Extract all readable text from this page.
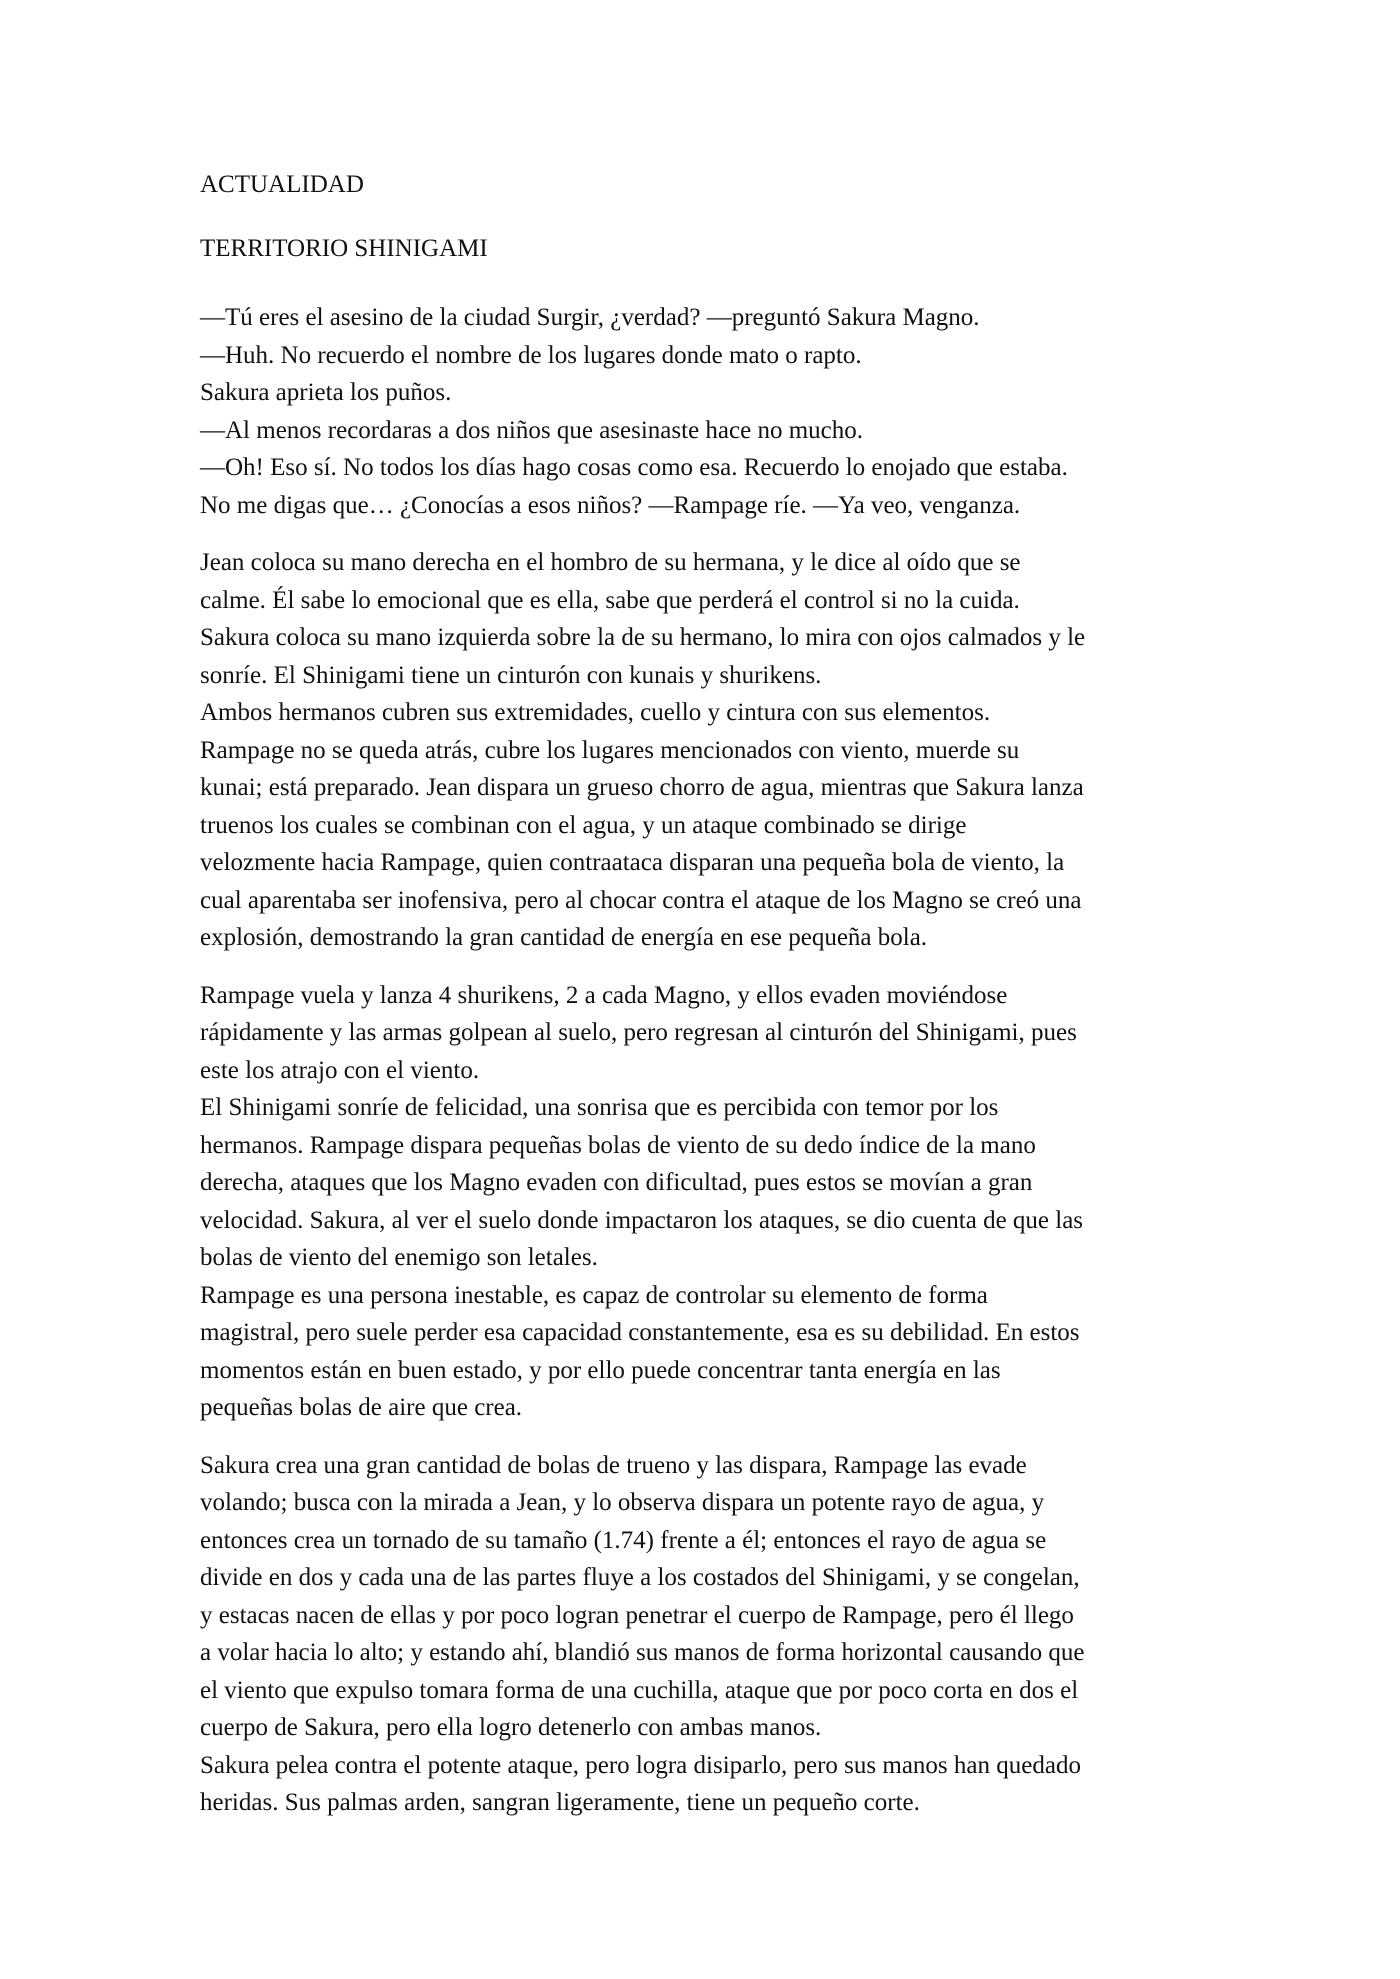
ACTUALIDAD
TERRITORIO SHINIGAMI
—Tú eres el asesino de la ciudad Surgir, ¿verdad? —preguntó Sakura Magno.
—Huh. No recuerdo el nombre de los lugares donde mato o rapto.
Sakura aprieta los puños.
—Al menos recordaras a dos niños que asesinaste hace no mucho.
—Oh! Eso sí. No todos los días hago cosas como esa. Recuerdo lo enojado que estaba.
No me digas que… ¿Conocías a esos niños? —Rampage ríe. —Ya veo, venganza.
Jean coloca su mano derecha en el hombro de su hermana, y le dice al oído que se
calme. Él sabe lo emocional que es ella, sabe que perderá el control si no la cuida.
Sakura coloca su mano izquierda sobre la de su hermano, lo mira con ojos calmados y le
sonríe. El Shinigami tiene un cinturón con kunais y shurikens.
Ambos hermanos cubren sus extremidades, cuello y cintura con sus elementos.
Rampage no se queda atrás, cubre los lugares mencionados con viento, muerde su
kunai; está preparado. Jean dispara un grueso chorro de agua, mientras que Sakura lanza
truenos los cuales se combinan con el agua, y un ataque combinado se dirige
velozmente hacia Rampage, quien contraataca disparan una pequeña bola de viento, la
cual aparentaba ser inofensiva, pero al chocar contra el ataque de los Magno se creó una
explosión, demostrando la gran cantidad de energía en ese pequeña bola.
Rampage vuela y lanza 4 shurikens, 2 a cada Magno, y ellos evaden moviéndose
rápidamente y las armas golpean al suelo, pero regresan al cinturón del Shinigami, pues
este los atrajo con el viento.
El Shinigami sonríe de felicidad, una sonrisa que es percibida con temor por los
hermanos. Rampage dispara pequeñas bolas de viento de su dedo índice de la mano
derecha, ataques que los Magno evaden con dificultad, pues estos se movían a gran
velocidad. Sakura, al ver el suelo donde impactaron los ataques, se dio cuenta de que las
bolas de viento del enemigo son letales.
Rampage es una persona inestable, es capaz de controlar su elemento de forma
magistral, pero suele perder esa capacidad constantemente, esa es su debilidad. En estos
momentos están en buen estado, y por ello puede concentrar tanta energía en las
pequeñas bolas de aire que crea.
Sakura crea una gran cantidad de bolas de trueno y las dispara, Rampage las evade
volando; busca con la mirada a Jean, y lo observa dispara un potente rayo de agua, y
entonces crea un tornado de su tamaño (1.74) frente a él; entonces el rayo de agua se
divide en dos y cada una de las partes fluye a los costados del Shinigami, y se congelan,
y estacas nacen de ellas y por poco logran penetrar el cuerpo de Rampage, pero él llego
a volar hacia lo alto; y estando ahí, blandió sus manos de forma horizontal causando que
el viento que expulso tomara forma de una cuchilla, ataque que por poco corta en dos el
cuerpo de Sakura, pero ella logro detenerlo con ambas manos.
Sakura pelea contra el potente ataque, pero logra disiparlo, pero sus manos han quedado
heridas. Sus palmas arden, sangran ligeramente, tiene un pequeño corte.
